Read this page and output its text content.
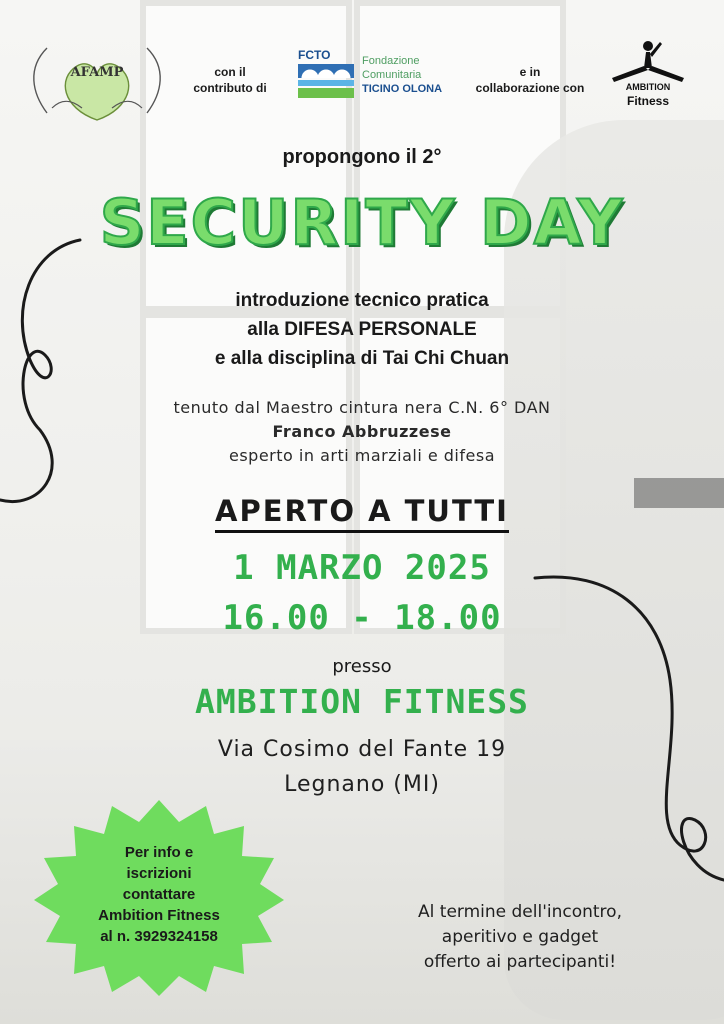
AFAMP	con il
contributo di
FCTO	Fondazione
Comunitaria
TICINO OLONA
e in
collaborazione con	AMBITION
Fitness
propongono il 2°
SECURITY DAY
introduzione tecnico pratica
alla DIFESA PERSONALE
e alla disciplina di Tai Chi Chuan
tenuto dal Maestro cintura nera C.N. 6° DAN
Franco Abbruzzese
esperto in arti marziali e difesa
APERTO A TUTTI
1 MARZO 2025
16.00 - 18.00
presso
AMBITION FITNESS
Via Cosimo del Fante 19
Legnano (MI)
Per info e
iscrizioni
contattare
Ambition Fitness
al n. 3929324158
Al termine dell'incontro,
aperitivo e gadget
offerto ai partecipanti!
